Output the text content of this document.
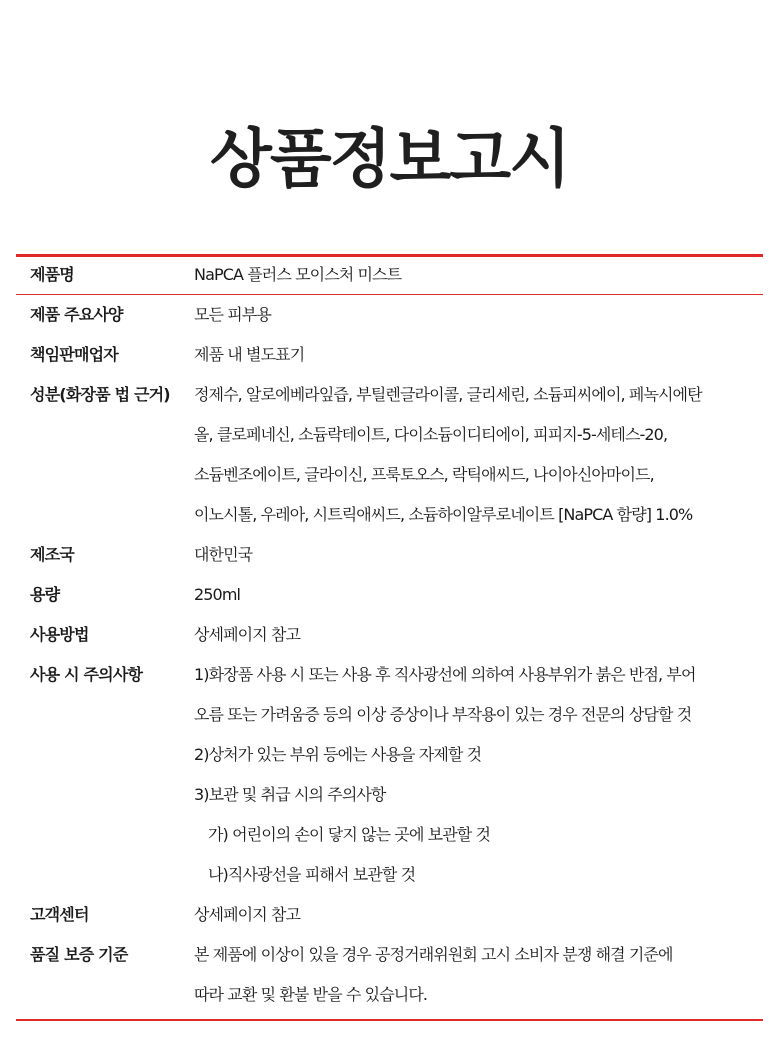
상품정보고시
제품명	NaPCA 플러스 모이스처 미스트
제품 주요사양	모든 피부용
책임판매업자	제품 내 별도표기
성분(화장품 법 근거)	정제수, 알로에베라잎즙, 부틸렌글라이콜, 글리세린, 소듐피씨에이, 페녹시에탄
올, 클로페네신, 소듐락테이트, 다이소듐이디티에이, 피피지-5-세테스-20,
소듐벤조에이트, 글라이신, 프룩토오스, 락틱애씨드, 나이아신아마이드,
이노시톨, 우레아, 시트릭애씨드, 소듐하이알루로네이트 [NaPCA 함량] 1.0%
제조국	대한민국
용량	250ml
사용방법	상세페이지 참고
사용 시 주의사항	1)화장품 사용 시 또는 사용 후 직사광선에 의하여 사용부위가 붉은 반점, 부어
오름 또는 가려움증 등의 이상 증상이나 부작용이 있는 경우 전문의 상담할 것
2)상처가 있는 부위 등에는 사용을 자제할 것
3)보관 및 취급 시의 주의사항
가) 어린이의 손이 닿지 않는 곳에 보관할 것
나)직사광선을 피해서 보관할 것
고객센터	상세페이지 참고
품질 보증 기준	본 제품에 이상이 있을 경우 공정거래위원회 고시 소비자 분쟁 해결 기준에
따라 교환 및 환불 받을 수 있습니다.
